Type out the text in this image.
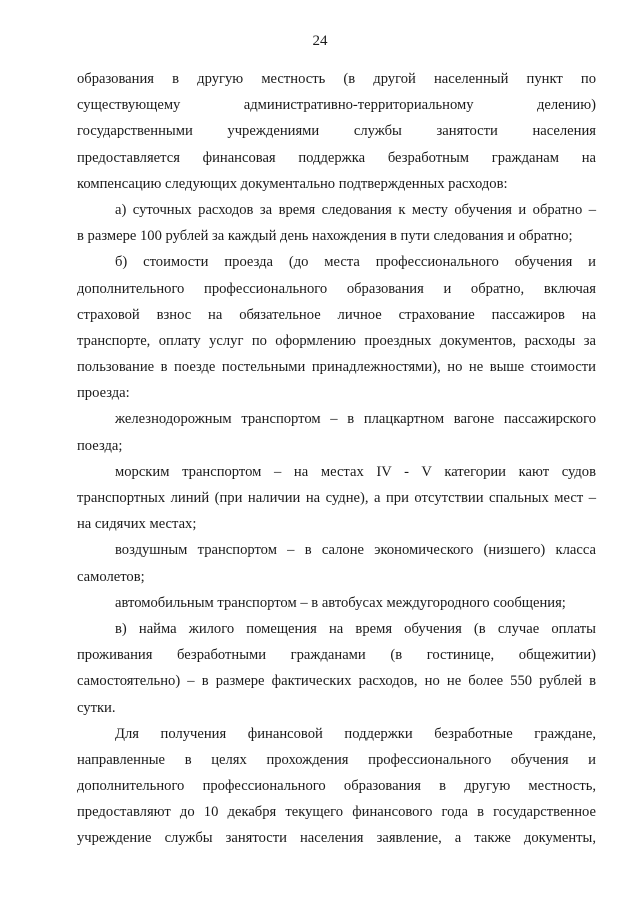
24
образования в другую местность (в другой населенный пункт по
существующему административно-территориальному делению)
государственными учреждениями службы занятости населения
предоставляется финансовая поддержка безработным гражданам на
компенсацию следующих документально подтвержденных расходов:
а) суточных расходов за время следования к месту обучения и обратно –
в размере 100 рублей за каждый день нахождения в пути следования и обратно;
б) стоимости проезда (до места профессионального обучения и
дополнительного профессионального образования и обратно, включая
страховой взнос на обязательное личное страхование пассажиров на
транспорте, оплату услуг по оформлению проездных документов, расходы за
пользование в поезде постельными принадлежностями), но не выше стоимости
проезда:
железнодорожным транспортом – в плацкартном вагоне пассажирского
поезда;
морским транспортом – на местах IV - V категории кают судов
транспортных линий (при наличии на судне), а при отсутствии спальных мест –
на сидячих местах;
воздушным транспортом – в салоне экономического (низшего) класса
самолетов;
автомобильным транспортом – в автобусах междугородного сообщения;
в) найма жилого помещения на время обучения (в случае оплаты
проживания безработными гражданами (в гостинице, общежитии)
самостоятельно) – в размере фактических расходов, но не более 550 рублей в
сутки.
Для получения финансовой поддержки безработные граждане,
направленные в целях прохождения профессионального обучения и
дополнительного профессионального образования в другую местность,
предоставляют до 10 декабря текущего финансового года в государственное
учреждение службы занятости населения заявление, а также документы,
